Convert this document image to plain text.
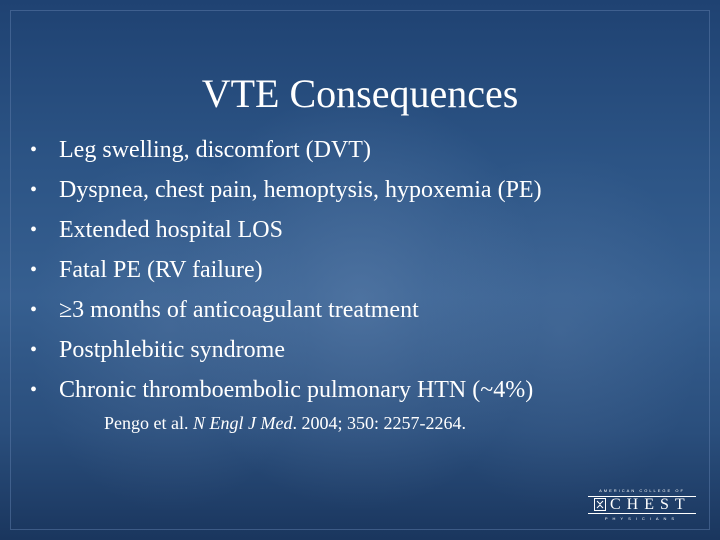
VTE Consequences
• Leg swelling, discomfort (DVT)
• Dyspnea, chest pain, hemoptysis, hypoxemia (PE)
• Extended hospital LOS
• Fatal PE (RV failure)
• ≥3 months of anticoagulant treatment
• Postphlebitic syndrome
• Chronic thromboembolic pulmonary HTN (~4%)
Pengo et al. N Engl J Med. 2004; 350: 2257-2264.
AMERICAN COLLEGE OF
CHEST
PHYSICIANS
